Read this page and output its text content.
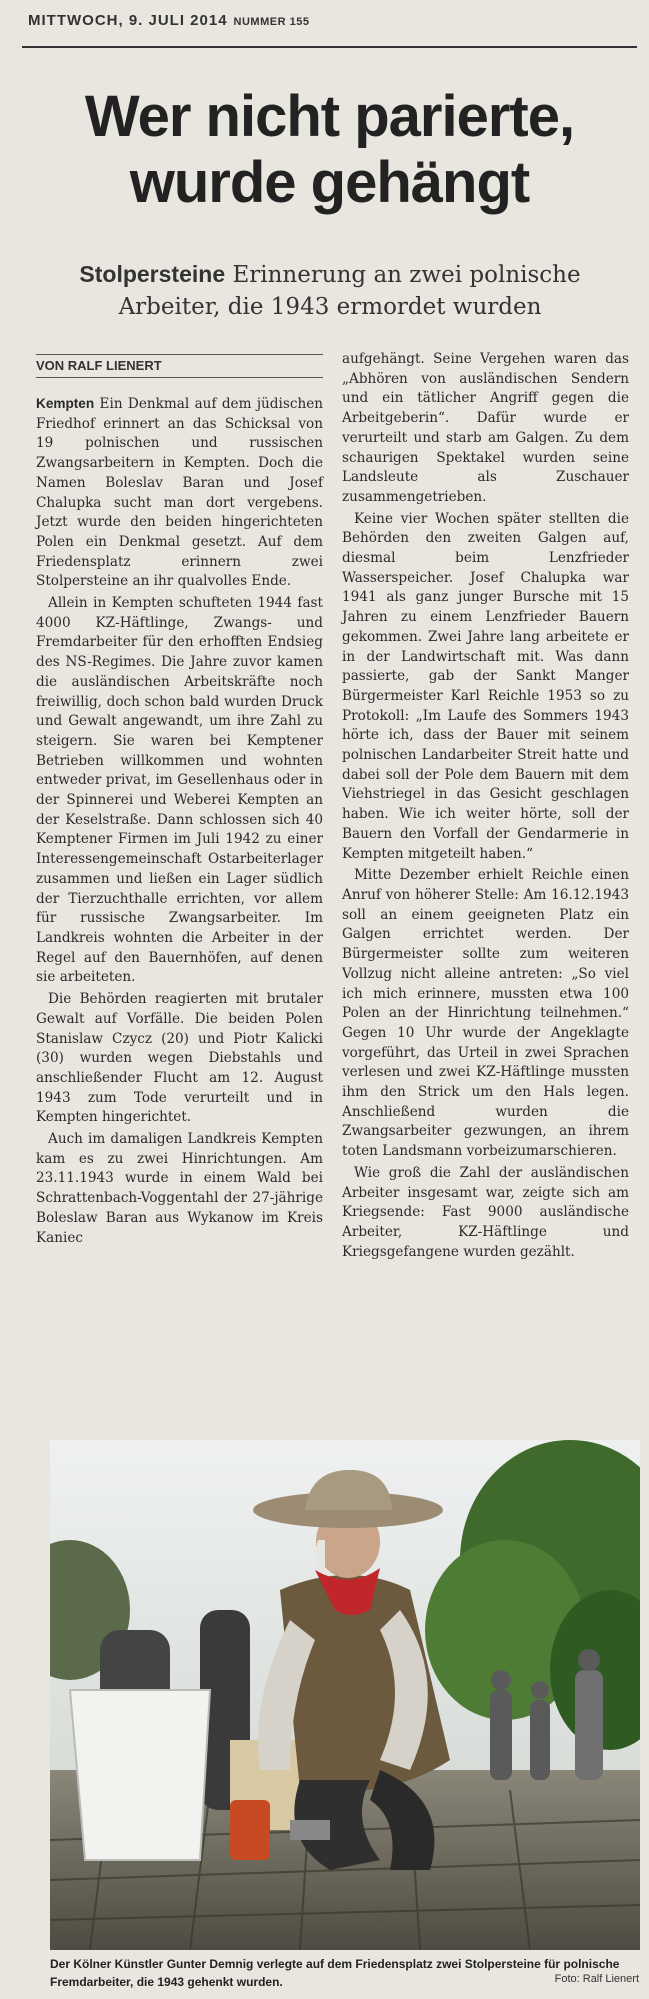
MITTWOCH, 9. JULI 2014 NUMMER 155
Wer nicht parierte,
wurde gehängt
Stolpersteine Erinnerung an zwei polnische Arbeiter, die 1943 ermordet wurden
VON RALF LIENERT

Kempten Ein Denkmal auf dem jüdischen Friedhof erinnert an das Schicksal von 19 polnischen und russischen Zwangsarbeitern in Kempten. Doch die Namen Boleslav Baran und Josef Chalupka sucht man dort vergebens. Jetzt wurde den beiden hingerichteten Polen ein Denkmal gesetzt. Auf dem Friedensplatz erinnern zwei Stolpersteine an ihr qualvolles Ende.

Allein in Kempten schufteten 1944 fast 4000 KZ-Häftlinge, Zwangs- und Fremdarbeiter für den erhofften Endsieg des NS-Regimes. Die Jahre zuvor kamen die ausländischen Arbeitskräfte noch freiwillig, doch schon bald wurden Druck und Gewalt angewandt, um ihre Zahl zu steigern. Sie waren bei Kemptener Betrieben willkommen und wohnten entweder privat, im Gesellenhaus oder in der Spinnerei und Weberei Kempten an der Keselstraße. Dann schlossen sich 40 Kemptener Firmen im Juli 1942 zu einer Interessengemeinschaft Ostarbeiterlager zusammen und ließen ein Lager südlich der Tierzuchthalle errichten, vor allem für russische Zwangsarbeiter. Im Landkreis wohnten die Arbeiter in der Regel auf den Bauernhöfen, auf denen sie arbeiteten.

Die Behörden reagierten mit brutaler Gewalt auf Vorfälle. Die beiden Polen Stanislaw Czycz (20) und Piotr Kalicki (30) wurden wegen Diebstahls und anschließender Flucht am 12. August 1943 zum Tode verurteilt und in Kempten hingerichtet.

Auch im damaligen Landkreis Kempten kam es zu zwei Hinrichtungen. Am 23.11.1943 wurde in einem Wald bei Schrattenbach-Voggentahl der 27-jährige Boleslaw Baran aus Wykanow im Kreis Kaniec

aufgehängt. Seine Vergehen waren das „Abhören von ausländischen Sendern und ein tätlicher Angriff gegen die Arbeitgeberin“. Dafür wurde er verurteilt und starb am Galgen. Zu dem schaurigen Spektakel wurden seine Landsleute als Zuschauer zusammengetrieben.

Keine vier Wochen später stellten die Behörden den zweiten Galgen auf, diesmal beim Lenzfrieder Wasserspeicher. Josef Chalupka war 1941 als ganz junger Bursche mit 15 Jahren zu einem Lenzfrieder Bauern gekommen. Zwei Jahre lang arbeitete er in der Landwirtschaft mit. Was dann passierte, gab der Sankt Manger Bürgermeister Karl Reichle 1953 so zu Protokoll: „Im Laufe des Sommers 1943 hörte ich, dass der Bauer mit seinem polnischen Landarbeiter Streit hatte und dabei soll der Pole dem Bauern mit dem Viehstriegel in das Gesicht geschlagen haben. Wie ich weiter hörte, soll der Bauern den Vorfall der Gendarmerie in Kempten mitgeteilt haben.“

Mitte Dezember erhielt Reichle einen Anruf von höherer Stelle: Am 16.12.1943 soll an einem geeigneten Platz ein Galgen errichtet werden. Der Bürgermeister sollte zum weiteren Vollzug nicht alleine antreten: „So viel ich mich erinnere, mussten etwa 100 Polen an der Hinrichtung teilnehmen.“ Gegen 10 Uhr wurde der Angeklagte vorgeführt, das Urteil in zwei Sprachen verlesen und zwei KZ-Häftlinge mussten ihm den Strick um den Hals legen. Anschließend wurden die Zwangsarbeiter gezwungen, an ihrem toten Landsmann vorbeizumarschieren.

Wie groß die Zahl der ausländischen Arbeiter insgesamt war, zeigte sich am Kriegsende: Fast 9000 ausländische Arbeiter, KZ-Häftlinge und Kriegsgefangene wurden gezählt.

Der Kölner Künstler Gunter Demnig verlegte auf dem Friedensplatz zwei Stolpersteine für polnische Fremdarbeiter, die 1943 gehenkt wurden.	Foto: Ralf Lienert
